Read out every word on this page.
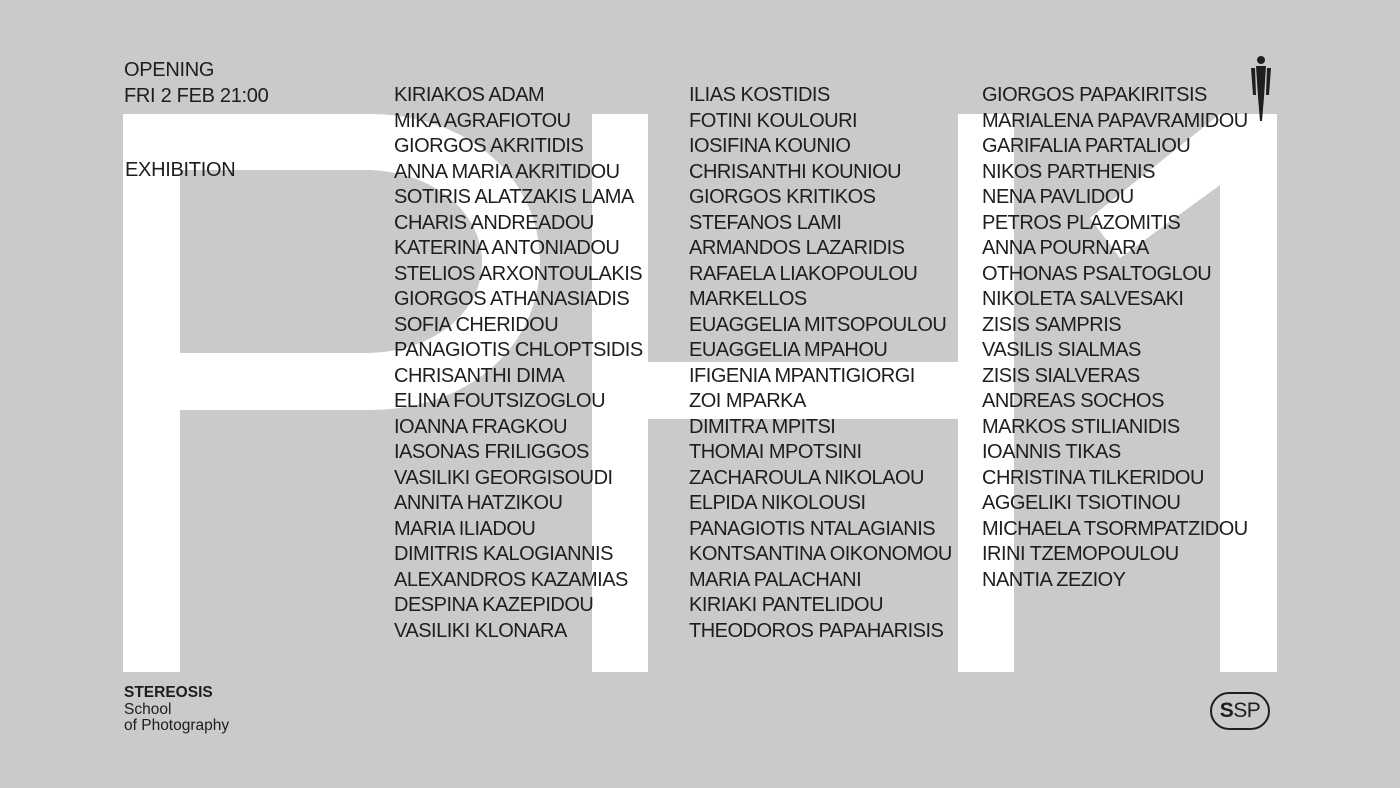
OPENING
FRI 2 FEB 21:00
EXHIBITION
KIRIAKOS ADAM
MIKA AGRAFIOTOU
GIORGOS AKRITIDIS
ANNA MARIA AKRITIDOU
SOTIRIS ALATZAKIS LAMA
CHARIS ANDREADOU
KATERINA ANTONIADOU
STELIOS ARXONTOULAKIS
GIORGOS ATHANASIADIS
SOFIA CHERIDOU
PANAGIOTIS CHLOPTSIDIS
CHRISANTHI DIMA
ELINA FOUTSIZOGLOU
IOANNA FRAGKOU
IASONAS FRILIGGOS
VASILIKI GEORGISOUDI
ANNITA HATZIKOU
MARIA ILIADOU
DIMITRIS KALOGIANNIS
ALEXANDROS KAZAMIAS
DESPINA KAZEPIDOU
VASILIKI KLONARA
ILIAS KOSTIDIS
FOTINI KOULOURI
IOSIFINA KOUNIO
CHRISANTHI KOUNIOU
GIORGOS KRITIKOS
STEFANOS LAMI
ARMANDOS LAZARIDIS
RAFAELA LIAKOPOULOU
MARKELLOS
EUAGGELIA MITSOPOULOU
EUAGGELIA MPAHOU
IFIGENIA MPANTIGIORGI
ZOI MPARKA
DIMITRA MPITSI
THOMAI MPOTSINI
ZACHAROULA NIKOLAOU
ELPIDA NIKOLOUSI
PANAGIOTIS NTALAGIANIS
KONTSANTINA OIKONOMOU
MARIA PALACHANI
KIRIAKI PANTELIDOU
THEODOROS PAPAHARISIS
GIORGOS PAPAKIRITSIS
MARIALENA PAPAVRAMIDOU
GARIFALIA PARTALIOU
NIKOS PARTHENIS
NENA PAVLIDOU
PETROS PLAZOMITIS
ANNA POURNARA
OTHONAS PSALTOGLOU
NIKOLETA SALVESAKI
ZISIS SAMPRIS
VASILIS SIALMAS
ZISIS SIALVERAS
ANDREAS SOCHOS
MARKOS STILIANIDIS
IOANNIS TIKAS
CHRISTINA TILKERIDOU
AGGELIKI TSIOTINOU
MICHAELA TSORMPATZIDOU
IRINI TZEMOPOULOU
NANTIA ZEZIOY
STEREOSIS
School
of Photography
S SP
